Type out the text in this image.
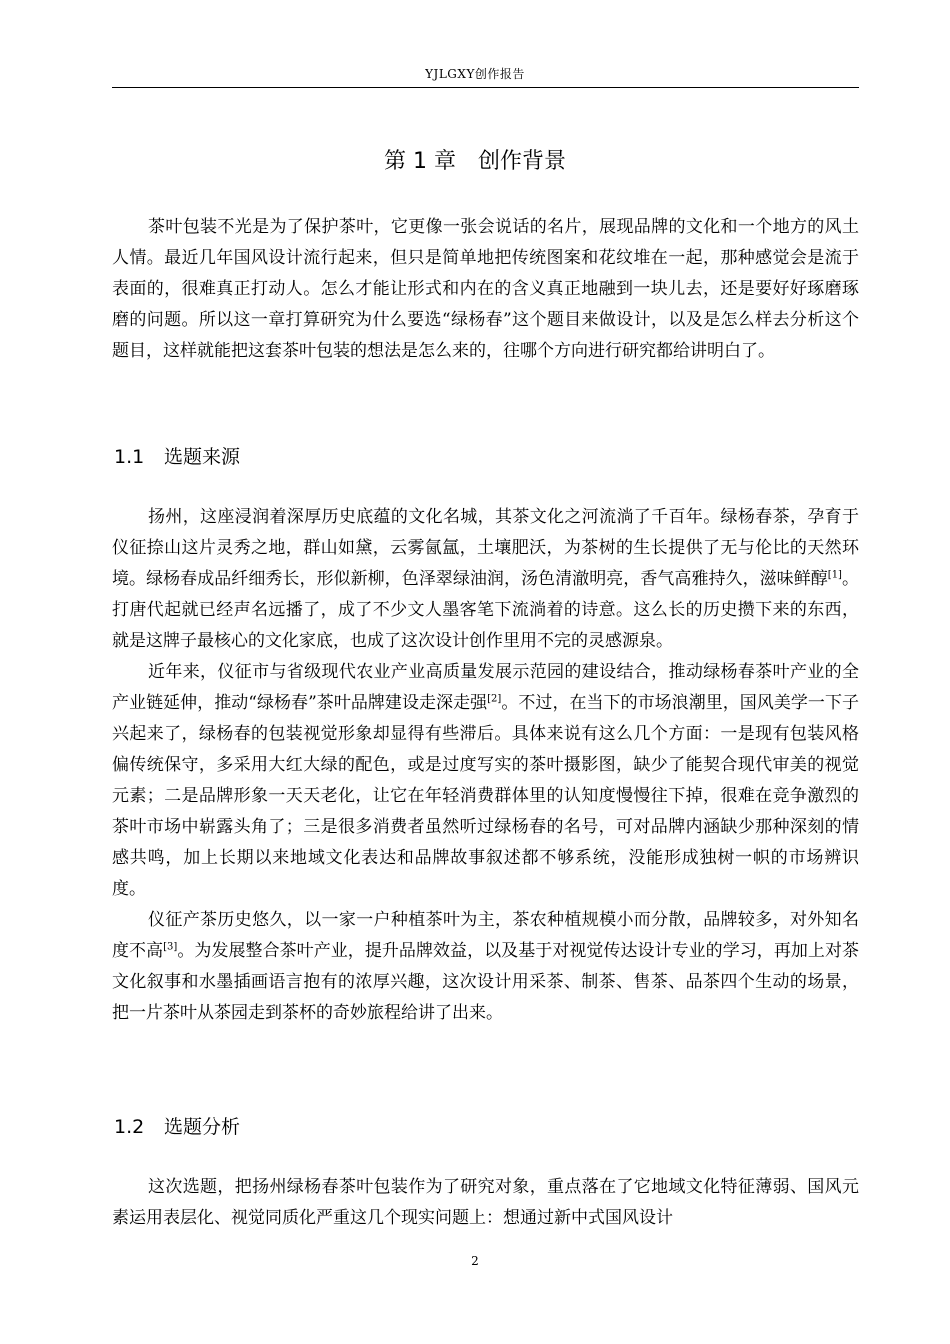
YJLGXY创作报告
第 1 章 创作背景

茶叶包装不光是为了保护茶叶，它更像一张会说话的名片，展现品牌的文化和一个地方的风土人情。最近几年国风设计流行起来，但只是简单地把传统图案和花纹堆在一起，那种感觉会是流于表面的，很难真正打动人。怎么才能让形式和内在的含义真正地融到一块儿去，还是要好好琢磨琢磨的问题。所以这一章打算研究为什么要选“绿杨春”这个题目来做设计，以及是怎么样去分析这个题目，这样就能把这套茶叶包装的想法是怎么来的，往哪个方向进行研究都给讲明白了。

1.1 选题来源

扬州，这座浸润着深厚历史底蕴的文化名城，其茶文化之河流淌了千百年。绿杨春茶，孕育于仪征捺山这片灵秀之地，群山如黛，云雾氤氲，土壤肥沃，为茶树的生长提供了无与伦比的天然环境。绿杨春成品纤细秀长，形似新柳，色泽翠绿油润，汤色清澈明亮，香气高雅持久，滋味鲜醇[1]。打唐代起就已经声名远播了，成了不少文人墨客笔下流淌着的诗意。这么长的历史攒下来的东西，就是这牌子最核心的文化家底，也成了这次设计创作里用不完的灵感源泉。

近年来，仪征市与省级现代农业产业高质量发展示范园的建设结合，推动绿杨春茶叶产业的全产业链延伸，推动“绿杨春”茶叶品牌建设走深走强[2]。不过，在当下的市场浪潮里，国风美学一下子兴起来了，绿杨春的包装视觉形象却显得有些滞后。具体来说有这么几个方面：一是现有包装风格偏传统保守，多采用大红大绿的配色，或是过度写实的茶叶摄影图，缺少了能契合现代审美的视觉元素；二是品牌形象一天天老化，让它在年轻消费群体里的认知度慢慢往下掉，很难在竞争激烈的茶叶市场中崭露头角了；三是很多消费者虽然听过绿杨春的名号，可对品牌内涵缺少那种深刻的情感共鸣，加上长期以来地域文化表达和品牌故事叙述都不够系统，没能形成独树一帜的市场辨识度。

仪征产茶历史悠久，以一家一户种植茶叶为主，茶农种植规模小而分散，品牌较多，对外知名度不高[3]。为发展整合茶叶产业，提升品牌效益，以及基于对视觉传达设计专业的学习，再加上对茶文化叙事和水墨插画语言抱有的浓厚兴趣，这次设计用采茶、制茶、售茶、品茶四个生动的场景，把一片茶叶从茶园走到茶杯的奇妙旅程给讲了出来。

1.2 选题分析

这次选题，把扬州绿杨春茶叶包装作为了研究对象，重点落在了它地域文化特征薄弱、国风元素运用表层化、视觉同质化严重这几个现实问题上：想通过新中式国风设计

2
